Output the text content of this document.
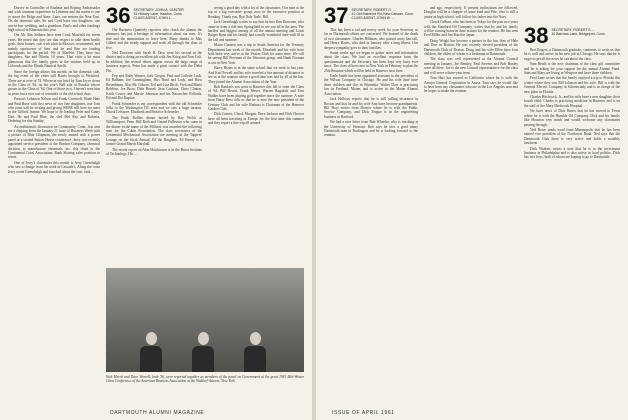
Dorsey in Controller of Enabase and Roping Ambassador and with common experience in Lebanon and the nation is one to assert the Ridge and Aims. Later, our eastern the Near East. On the domestic side, Sir and Cyril have two daughters, one son-in-law wedding, and a grandson, Paul's and other fundings high school in Kharouta this year.

Our Mr. Ray Selbern have seen Coral Maxfield for seven years. He noted that they are that respect to take them health goals, their homes, rich with what in Moscow recommend, and mainly sportswear of him, and he and Ben are leading participants for the period. We of Marfeld. They have two daughters, Sue and Olinda, 10 years. That visits a lot most glamorous that the family gives in the stations held up in Colorado and the Mouth Nautical Spells.

Since the foreign affairs this month, on the domestic side, the big event of the cities will Harris brought to Westford. Three are at over of 74. Where in our brief by Tom Joyce down in the Class of '64, on the year's Ball sale of Frankie whose grown in the Class of '64. One of those two, I haven't seen him in years but a nice sort of reminder of the old school days.

Parson's Lebanon Nelson and Frank Cornwell, Wade Hale and Paul Ruse with first news of two fine daughters, one Tom who joins will be visiting and giving WERE still here we meet in the Gifford Jeanne. We hope to be leading Peter and Ginny Dart. He and Paul Blue, the sled Mel Ray and Roberta. Ordering for this Sunday.

An enthusiastic discussion on Community, Conn., has sent me a clipping from the January 21 issue of Business Week with a picture of Blue Chapman, the newly named with a power panel at a storied Sutton House conference. Jerry was recently appointed service president of the Bordon Company, chemical division, to manufacture chemicals, inc. this chain to the Continental Coral Association, Bank Sharing sales position to resort.

One of Jerry's classmates this month is Jerry Greenhalgh who saw a change from his work in Cascade's. Along the coast Jerry wrote Greenhalgh and knocked about the year. Jack ...

36 SECRETARY, JOHN A. GUNTER
34 Hickory Lane, Haddon, Conn.
CLASS AGENT, JOHN L. ...

Our Business Quarterly reporters who check the alumni the pleasures has just a heritage of information about our men. It's fine and the ammunition to leave here. Many thanks to Mac Gilbert and the steady support and work all through the class of five.

Ned Donovan with Sarah H. Dow went his second in the district and is doing an excellent job with Jim Krieg and Tom Colt. In addition, the several others appear across the large range of business aspects, Peter has made a great contact with the Delta Phi.

Pop and Ruby Warner, Jack Gregor, Paul and Collette Luck, Ed Balham, Joe Cunningham, Bus Hurd and Lady, and Russ Rosenbaum. Also Mr. Gibson, Ted and Lisa Birch, Fred and Marie Robbins, Joe Bozo, Dale Brunel, Jean Cookins, Chris Clinton, Keith Cowey and Marcie Johnston and his Nacoochee Pollards, Pal and Dot Kapton.

Frank Schneider is my correspondent with the old Schneider folks to the Washington DC area and we saw a huge turnout. Chuck Lefsnore, Elizabeth and Beatrice Schroeder.

The Frank Rollins dinner hosted by Ray Welch at Williamsport, Penn. Bill Roth and Gerard Fullesson who came to the dinner in the name of the Milford, was awarded the following men for the Cabin Foundation. The class secretaries of the Centennial Mechanical Association are meeting in the Tappers' Lounge on the Sixth Annual, Ed the Bingham. Ed Emery is a former Grand Marsh Marshall.

The recent report on Alan Hutchinson is in the Bruce Institute of Technology. His ...

seeing a good day with a lot of the classmates. Our man at the top of a big executive group, now in the executive position at Reading. Thank you, Rye Dale Teale, Bill.

Jack Greenhalgh writes to say that he met Dan Donovan, who came in from a ride into Springfield to see you all in the area. The hardest and biggest among of all the annual meeting and Louis Rutger Ryan and his family had a really wonderful time with Al in the fall and summer.

Marin Clausen was a trip to South America for the Treasury Department last week of the month. Elizabeth and his wife have both been very active at the Veritas Club for some time. We will be seeing Bill Freeman of the Sheraton group, and Hank Norman is out in New York.

Harry Hynes is in the same school that we went to last year. And Karl Powell and his wife traveled a fair amount of distance to see us at the reunion where a good time was had by all at the Inn. They joined the Alumni Association of the Year.

Bob Rankin's son went to Hanover this fall to enter the Class of '64. Bill Hewitt, Frank Meyer, Warren Ragsdale and Tom Walker have been playing golf together since the summer. A note from Harry Hess tells us that he is now the new president of the Century Club and his wife Barbara is Chairman of the Hanover Garden Club.

Dick Graves, Chuck Morgan, Dave Jackson and Dick Hoover have all been traveling in Europe for the first time this summer and they report a fine trip all around.

Walt Merrit and Dave Worrell, both '36, were reported together as members of the panel on Government at the great 1961 Mid-Winter Class Conference of the American Business Association at the Waldorf-Astoria, New York.
DARTMOUTH ALUMNI MAGAZINE
37 SECRETARY, ROBERT G. ...
41 Old Stamford Rd, New Canaan, Conn.
CLASS AGENT, JOHN W. ...

This has been a sad and newsy week for your Secretary as far as Dartmouth affairs are concerned. We learned of the death of two classmates: Charles Hillman, who passed away last fall, and Henry Harris, who died in January after a long illness. Our deepest sympathy goes to their families.

Some weeks ago we began to gather notes and information about the class. We had an excellent response from the questionnaire and the Secretary has been kept very busy ever since. The class officers met in New York in February to plan the 25th Reunion which will be held in Hanover next June.

Earle Smith has been appointed assistant to the president of the Wilson Company in Chicago. He and his wife Jane have three children and live in Winnetka. Walter Dorr is practicing law in Portland, Maine, and is active in the Maine Alumni Association.

Jack Bellows reports that he is still selling insurance in Boston and that he and his wife Ann have become grandparents. Bill Hoyt writes from Denver where he is with the Public Service Company, and Dick Teague is in the engineering business in Hartford.

We had a nice letter from Bob Wheeler, who is teaching at the University of Vermont. Bob says he sees a good many Dartmouth men in Burlington and he is looking forward to the reunion.

and ago, respectively. If present inclinations are followed, Douglas will be a chopper of some kind and Pete, who is still a junior in high school, will follow his father into the Navy.

Chuck Gelbart, who has been in Tokyo for the past two years with the Standard Oil Company, writes that he and his family will be coming home in June in time for the reunion. He has seen Fred Miller and Jim Baird in Japan.

Doug Wright has become a partner in the law firm of Hale and Dorr in Boston. He was recently elected president of the Dartmouth Club of Boston. Doug and his wife Ellen have four children, the oldest of whom is a freshman at Dartmouth.

The class was well represented at the Alumni Council meeting in January. Joe Bentley, Paul Stevens and Bob Hanley were all there. Joe is the new Council representative for the class and will serve a three-year term.

Tom Hart has moved to California where he is with the Aerojet General Corporation in Azusa. Tom says he would like to hear from any classmates who are in the Los Angeles area and he hopes to make the reunion.

38 SECRETARY, ROBERT S. ...
10 Barrows Lane, Bridgeport, Conn.

Bert Rogers, a Dartmouth graduate, continues to write us that he is well and active in his new job in Chicago. He says that he is eager to get all the news he can about the class.

Sam Heath is the new chairman of the class gift committee and he is asking for your support for the annual Alumni Fund. Sam and Mary are living in Westport and have three children.

Fred Lane writes that the family enjoyed a trip to Florida this winter where they saw Bill Johnson and his wife. Bill is with the General Electric Company in Schenectady and is in charge of the new plant in Florida.

Charles Hitchcock, Jr., and his wife have a new daughter, their fourth child. Charlie is practicing medicine in Hanover and is on the staff of the Mary Hitchcock Hospital.

We have news of Dick Harris that he has moved to Texas where he is with the Humble Oil Company. Dick and his family like Houston very much and would welcome any classmates passing through.

Ned Rowe sends word from Minneapolis that he has been named vice president of the Northwest Bank. Ned says that the Dartmouth Club there is very active and holds a monthly luncheon.

Dick Watkins writes a note that he is in the investment business in Philadelphia and is also active in local politics. Dick has two boys, both of whom are hoping to go to Dartmouth.

ISSUE OF APRIL 1961
